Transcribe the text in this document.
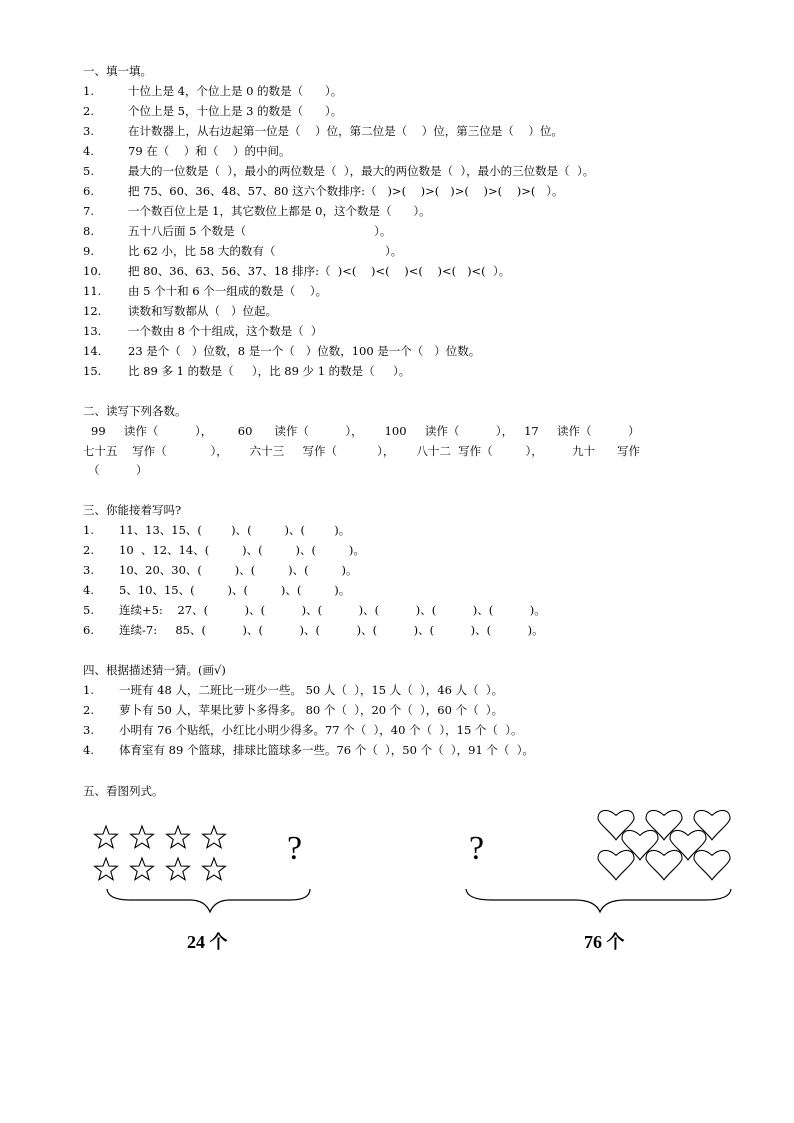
一、填一填。
1.	十位上是 4，个位上是 0 的数是（      ）。
2.	个位上是 5，十位上是 3 的数是（      ）。
3.	在计数器上，从右边起第一位是（    ）位，第二位是（    ）位，第三位是（    ）位。
4.	79 在（    ）和（    ）的中间。
5.	最大的一位数是（  ），最小的两位数是（  ），最大的两位数是（  ），最小的三位数是（  ）。
6.	把 75、60、36、48、57、80 这六个数排序:（   )>(    )>(   )>(    )>(    )>(   ）。
7.	一个数百位上是 1，其它数位上都是 0，这个数是（      ）。
8.	五十八后面 5 个数是（                                   ）。
9.	比 62 小，比 58 大的数有（                              ）。
10. 把 80、36、63、56、37、18 排序:（  )<(    )<(    )<(    )<(   )<(  ）。
11. 由 5 个十和 6 个一组成的数是（    ）。
12. 读数和写数都从（   ）位起。
13. 一个数由 8 个十组成，这个数是（  ）
14. 23 是个（   ）位数，8 是一个（   ）位数，100 是一个（   ）位数。
15. 比 89 多 1 的数是（     ），比 89 少 1 的数是（     ）。
二、读写下列各数。
99     读作（          ），       60      读作（          ），      100     读作（          ），   17     读作（          ）
七十五    写作（            ），      六十三     写作（           ），      八十二  写作（         ），        九十      写作
（          ）
三、你能接着写吗?
1. 11、13、15、(        )、(         )、(        )。
2. 10  、12、14、(         )、(         )、(         )。
3. 10、20、30、(         )、(         )、(         )。
4. 5、10、15、(         )、(         )、(         )。
5. 连续+5:    27、(          )、(          )、(          )、(          )、(          )、(          )。
6. 连续-7:     85、(          )、(          )、(          )、(          )、(          )、(          )。
四、根据描述猜一猜。(画√)
1. 一班有 48 人，二班比一班少一些。 50 人（  ），15 人（  ），46 人（  ）。
2. 萝卜有 50 人，苹果比萝卜多得多。 80 个（  ），20 个（  ），60 个（  ）。
3. 小明有 76 个贴纸，小红比小明少得多。77 个（  ），40 个（  ），15 个（  ）。
4. 体育室有 89 个篮球，排球比篮球多一些。76 个（  ），50 个（  ），91 个（  ）。
五、看图列式。
?	?
24 个	76 个
